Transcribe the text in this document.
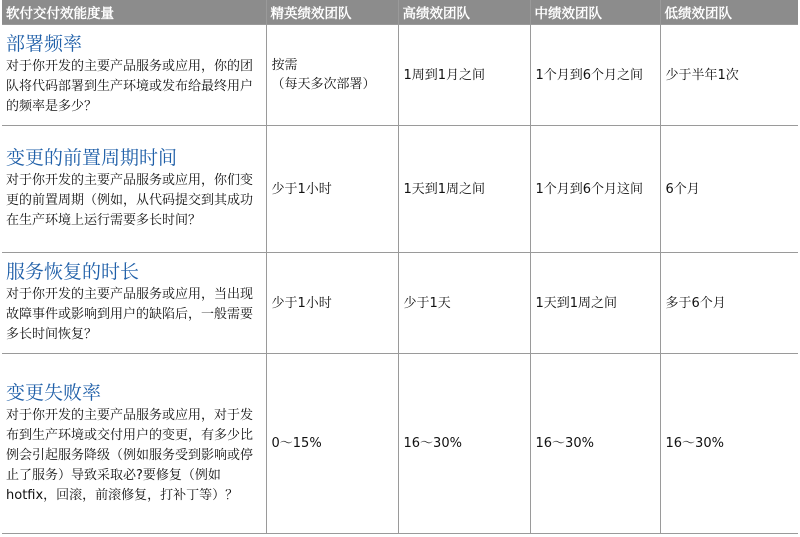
软付交付效能度量	精英绩效团队	高绩效团队	中绩效团队	低绩效团队

部署频率
对于你开发的主要产品服务或应用，你的团队将代码部署到生产环境或发布给最终用户的频率是多少？	按需
（每天多次部署）	1周到1月之间	1个月到6个月之间	少于半年1次

变更的前置周期时间
对于你开发的主要产品服务或应用，你们变更的前置周期（例如，从代码提交到其成功在生产环境上运行需要多长时间？	少于1小时	1天到1周之间	1个月到6个月这间	6个月

服务恢复的时长
对于你开发的主要产品服务或应用，当出现故障事件或影响到用户的缺陷后，一般需要多长时间恢复？	少于1小时	少于1天	1天到1周之间	多于6个月

变更失败率
对于你开发的主要产品服务或应用，对于发布到生产环境或交付用户的变更，有多少比例会引起服务降级（例如服务受到影响或停止了服务）导致采取必?要修复（例如hotfix，回滚，前滚修复，打补丁等）？	0～15%	16～30%	16～30%	16～30%
